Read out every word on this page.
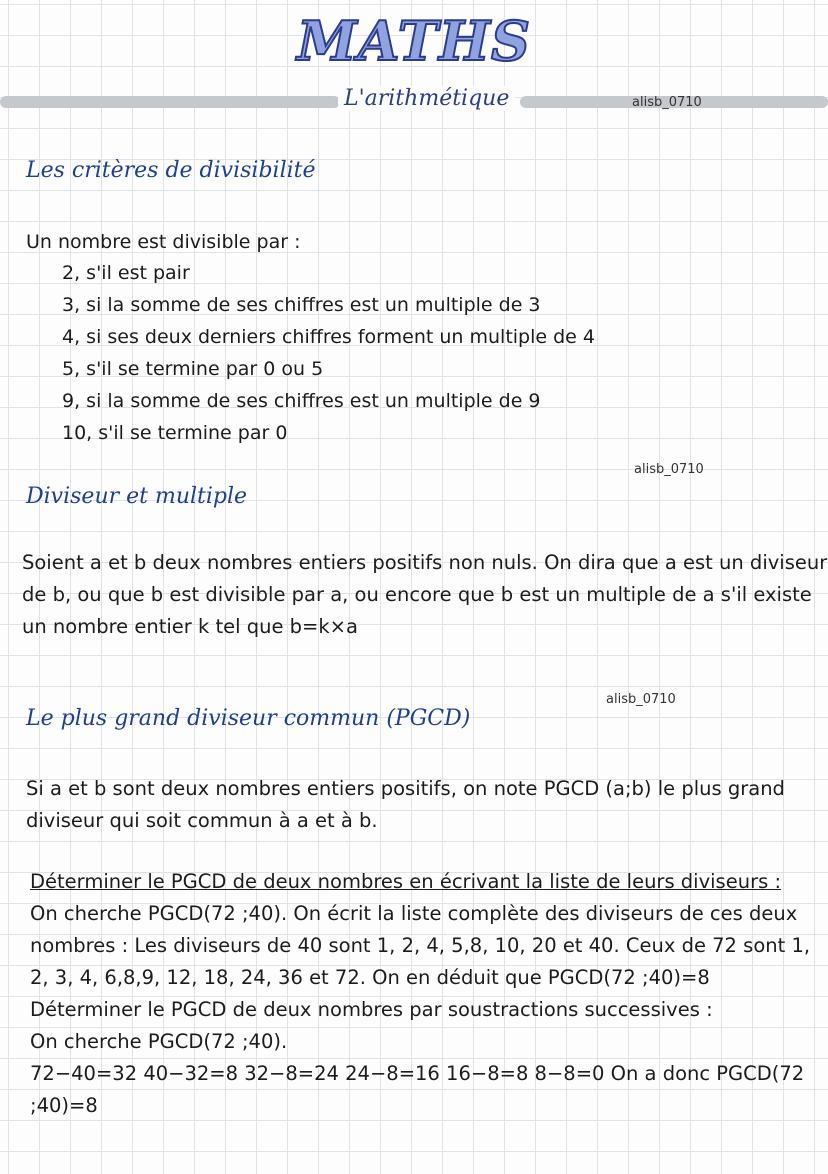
MATHS
L'arithmétique	alisb_0710
Les critères de divisibilité
Un nombre est divisible par :
2, s'il est pair
3, si la somme de ses chiffres est un multiple de 3
4, si ses deux derniers chiffres forment un multiple de 4
5, s'il se termine par 0 ou 5
9, si la somme de ses chiffres est un multiple de 9
10, s'il se termine par 0
alisb_0710
Diviseur et multiple
Soient a et b deux nombres entiers positifs non nuls. On dira que a est un diviseur
de b, ou que b est divisible par a, ou encore que b est un multiple de a s'il existe
un nombre entier k tel que b=k×a
alisb_0710
Le plus grand diviseur commun (PGCD)
Si a et b sont deux nombres entiers positifs, on note PGCD (a;b) le plus grand
diviseur qui soit commun à a et à b.
Déterminer le PGCD de deux nombres en écrivant la liste de leurs diviseurs :
On cherche PGCD(72 ;40). On écrit la liste complète des diviseurs de ces deux
nombres : Les diviseurs de 40 sont 1, 2, 4, 5,8, 10, 20 et 40. Ceux de 72 sont 1,
2, 3, 4, 6,8,9, 12, 18, 24, 36 et 72. On en déduit que PGCD(72 ;40)=8
Déterminer le PGCD de deux nombres par soustractions successives :
On cherche PGCD(72 ;40).
72−40=32 40−32=8 32−8=24 24−8=16 16−8=8 8−8=0 On a donc PGCD(72
;40)=8
